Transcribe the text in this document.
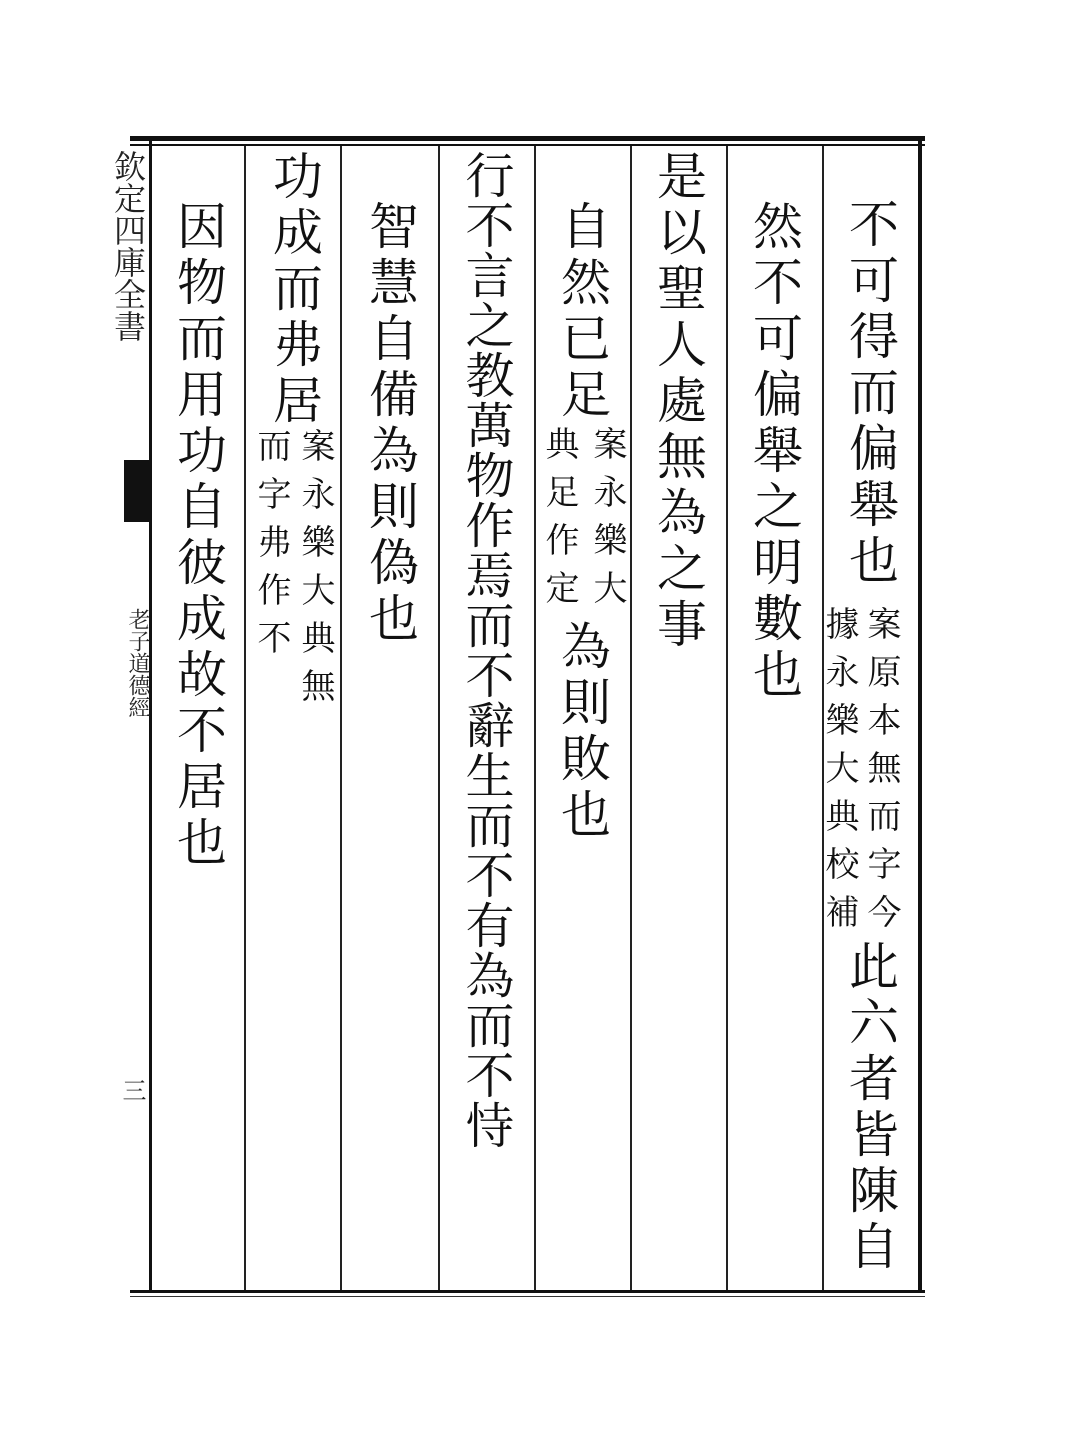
欽定四庫全書
老子道德經
三
不可得而偏舉也
案原本無而字今
據永樂大典校補
此六者皆陳自
然不可偏舉之明數也
是以聖人處無為之事
自然已足
案永樂大
典足作定
為則敗也
行不言之教萬物作焉而不辭生而不有為而不恃
智慧自備為則偽也
功成而弗居
案永樂大典無
而字弗作不
因物而用功自彼成故不居也
